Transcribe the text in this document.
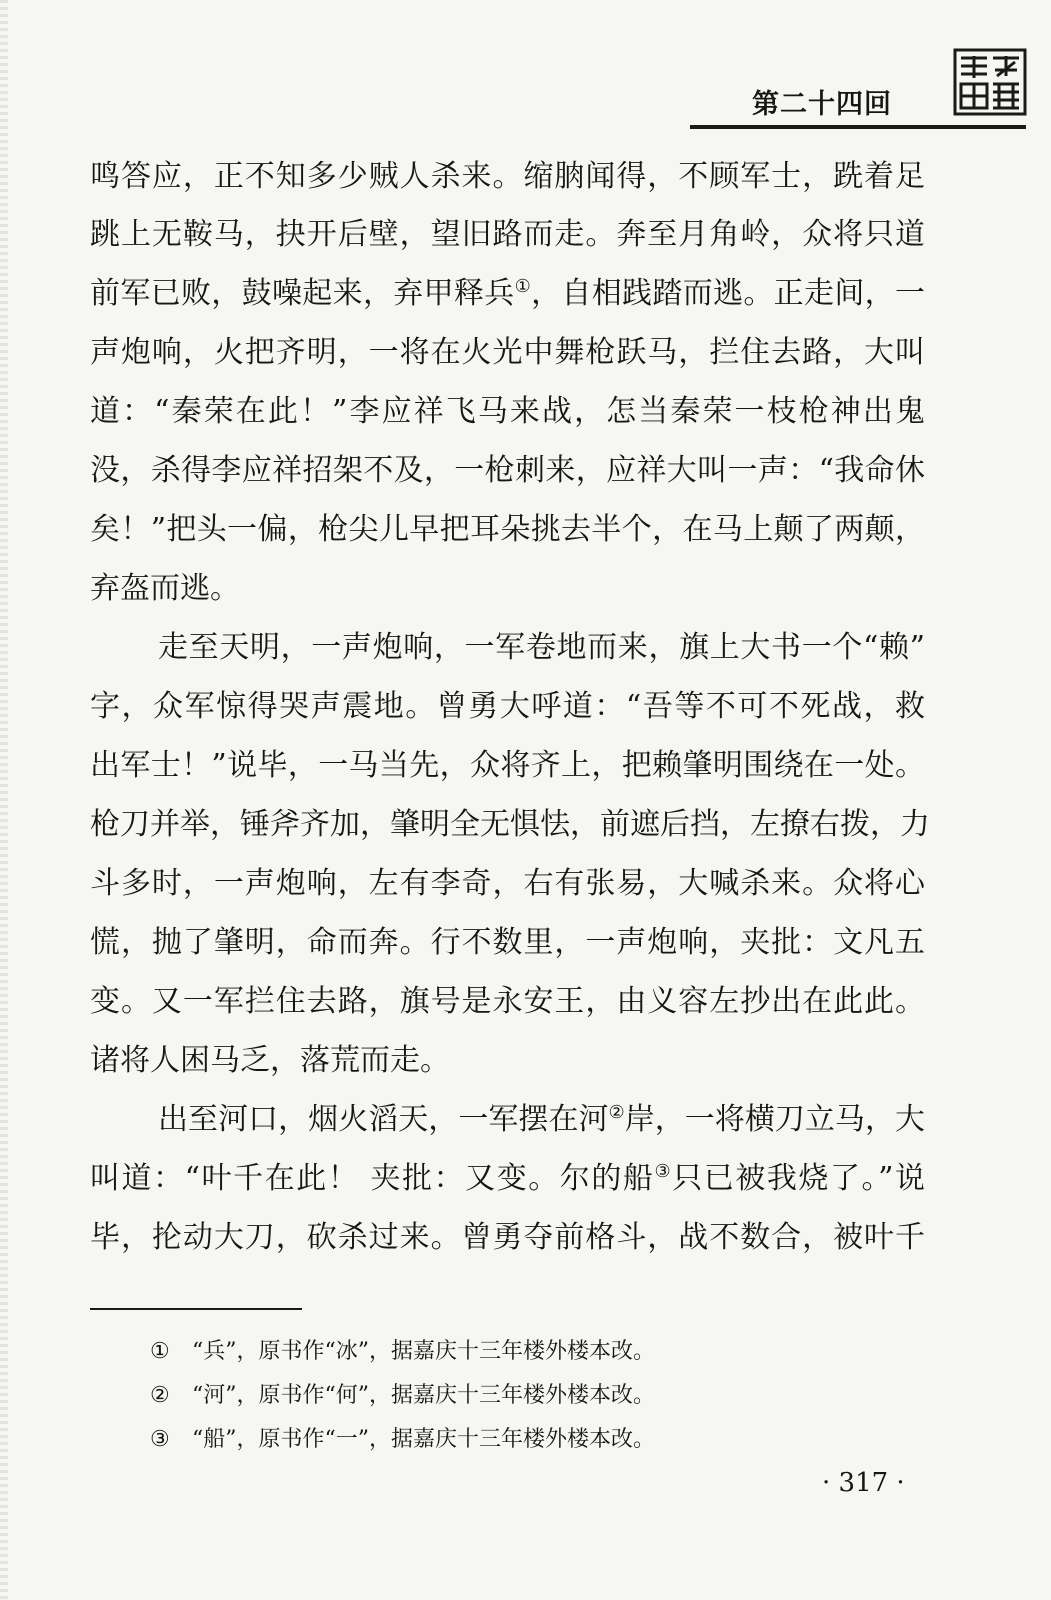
第二十四回
鸣答应，正不知多少贼人杀来。缩朒闻得，不顾军士，跣着足
跳上无鞍马，抉开后壁，望旧路而走。奔至月角岭，众将只道
前军已败，鼓噪起来，弃甲释兵①，自相践踏而逃。正走间，一
声炮响，火把齐明，一将在火光中舞枪跃马，拦住去路，大叫
道：“秦荣在此！”李应祥飞马来战，怎当秦荣一枝枪神出鬼
没，杀得李应祥招架不及，一枪刺来，应祥大叫一声：“我命休
矣！”把头一偏，枪尖儿早把耳朵挑去半个，在马上颠了两颠，
弃盔而逃。
走至天明，一声炮响，一军卷地而来，旗上大书一个“赖”
字，众军惊得哭声震地。曾勇大呼道：“吾等不可不死战，救
出军士！”说毕，一马当先，众将齐上，把赖肇明围绕在一处。
枪刀并举，锤斧齐加，肇明全无惧怯，前遮后挡，左撩右拨，力
斗多时，一声炮响，左有李奇，右有张易，大喊杀来。众将心
慌，抛了肇明，命而奔。行不数里，一声炮响，夹批：文凡五
变。又一军拦住去路，旗号是永安王，由义容左抄出在此此。
诸将人困马乏，落荒而走。
出至河口，烟火滔天，一军摆在河②岸，一将横刀立马，大
叫道：“叶千在此！ 夹批：又变。尔的船③只已被我烧了。”说
毕，抡动大刀，砍杀过来。曾勇夺前格斗，战不数合，被叶千
① “兵”，原书作“冰”，据嘉庆十三年楼外楼本改。
② “河”，原书作“何”，据嘉庆十三年楼外楼本改。
③ “船”，原书作“一”，据嘉庆十三年楼外楼本改。
· 317 ·
